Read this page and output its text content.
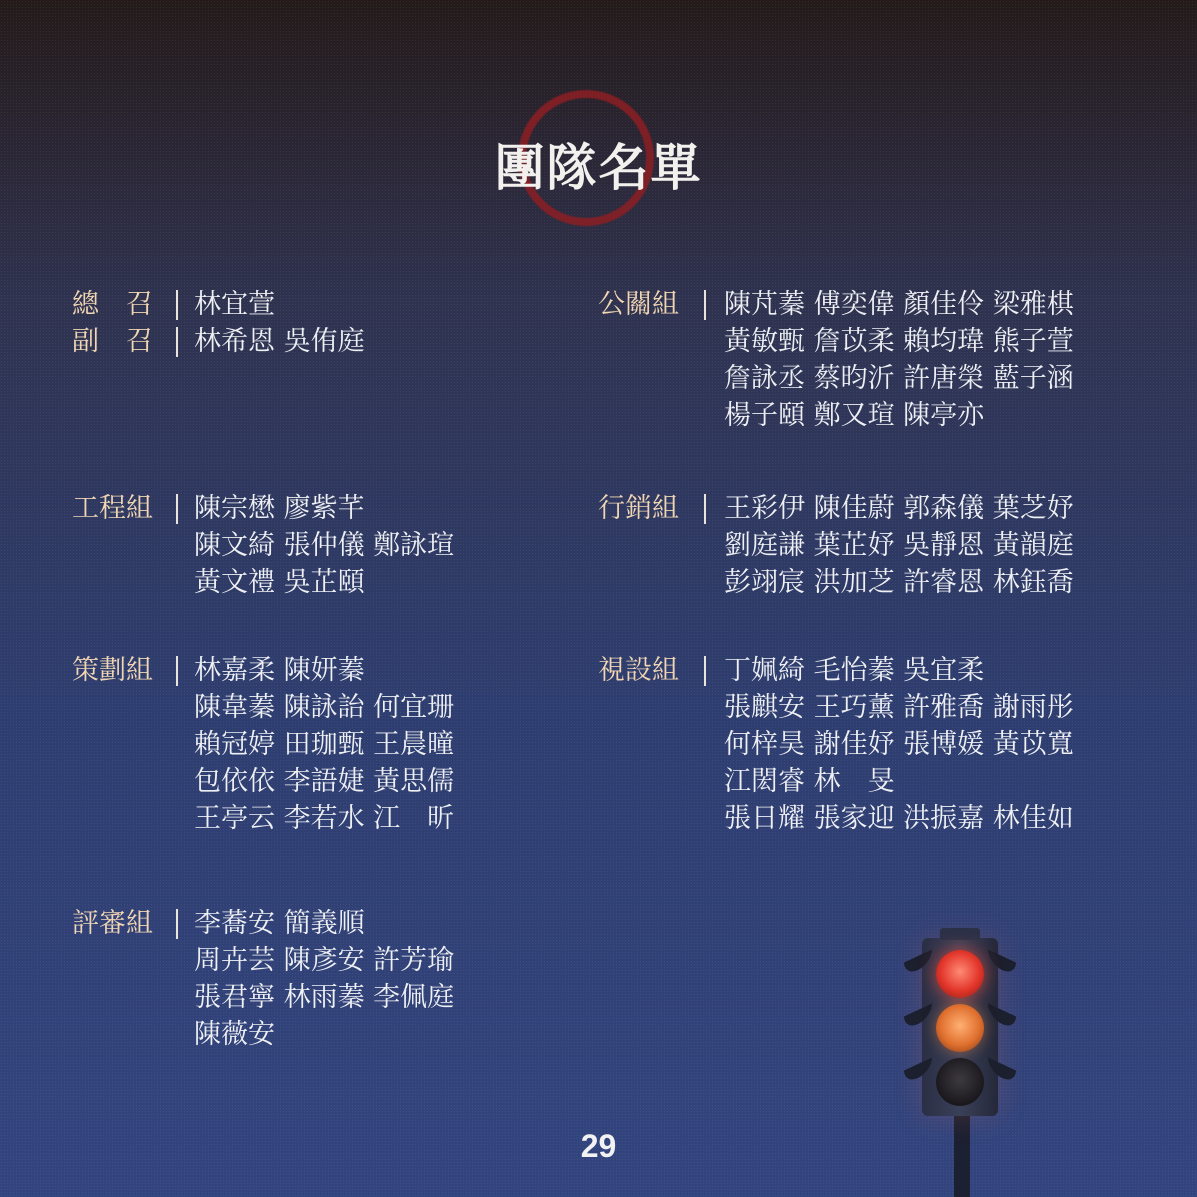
團隊名單
總　召 林宜萱
副　召 林希恩 吳侑庭
工程組 陳宗懋 廖紫芊
陳文綺 張仲儀 鄭詠瑄
黃文禮 吳芷頤
策劃組 林嘉柔 陳妍蓁
陳韋蓁 陳詠詒 何宜珊
賴冠婷 田珈甄 王晨曈
包依依 李語婕 黃思儒
王亭云 李若水 江　昕
評審組 李蕎安 簡義順
周卉芸 陳彥安 許芳瑜
張君寧 林雨蓁 李佩庭
陳薇安
公關組 陳芃蓁 傅奕偉 顏佳伶 梁雅棋
黃敏甄 詹苡柔 賴均瑋 熊子萱
詹詠丞 蔡昀沂 許唐榮 藍子涵
楊子頤 鄭又瑄 陳亭亦
行銷組 王彩伊 陳佳蔚 郭森儀 葉芝妤
劉庭謙 葉芷妤 吳靜恩 黃韻庭
彭翊宸 洪加芝 許睿恩 林鈺喬
視設組 丁姵綺 毛怡蓁 吳宜柔
張麒安 王巧薰 許雅喬 謝雨彤
何梓昊 謝佳妤 張博媛 黃苡寬
江閎睿 林　旻
張日耀 張家迎 洪振嘉 林佳如
29
